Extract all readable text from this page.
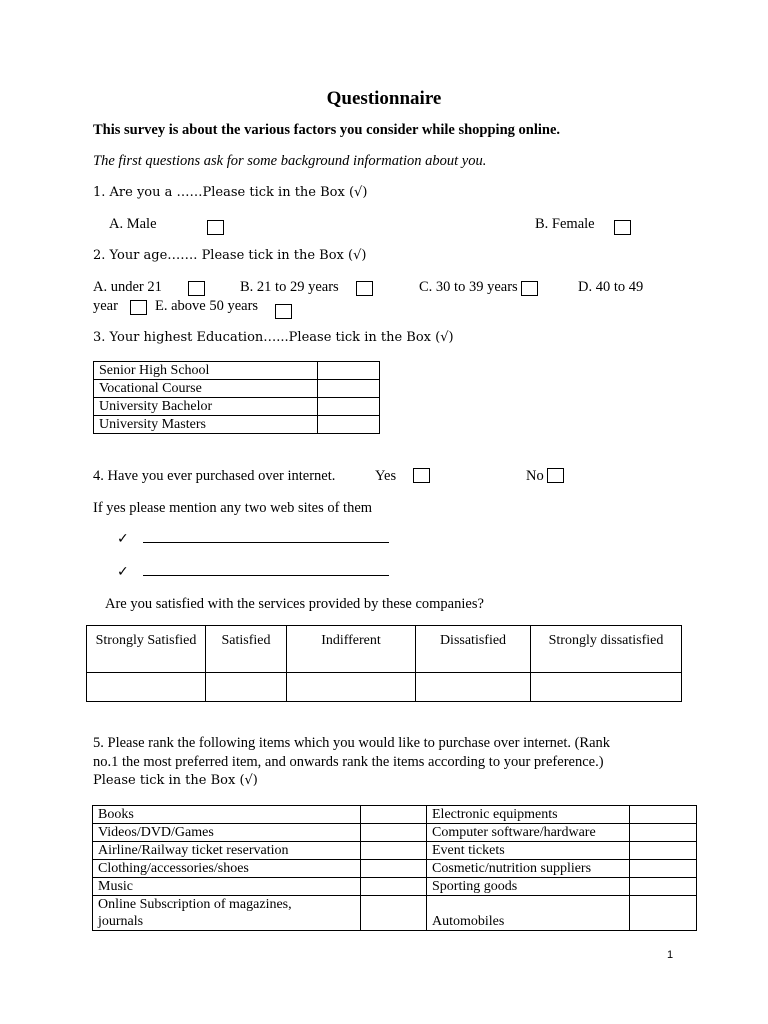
Questionnaire
This survey is about the various factors you consider while shopping online.
The first questions ask for some background information about you.
1. Are you a ……Please tick in the Box (√)
A. Male	B. Female
2. Your age……. Please tick in the Box (√)
A. under 21	B. 21 to 29 years	C. 30 to 39 years	D. 40 to 49
year	E. above 50 years
3. Your highest Education…...Please tick in the Box (√)
Senior High School	
Vocational Course	
University Bachelor	
University Masters	
4. Have you ever purchased over internet.	Yes	No
If yes please mention any two web sites of them
✓
✓
Are you satisfied with the services provided by these companies?
Strongly Satisfied	Satisfied	Indifferent	Dissatisfied	Strongly dissatisfied

5. Please rank the following items which you would like to purchase over internet. (Rank
no.1 the most preferred item, and onwards rank the items according to your preference.)
Please tick in the Box (√)
Books		Electronic equipments	
Videos/DVD/Games		Computer software/hardware	
Airline/Railway ticket reservation		Event tickets	
Clothing/accessories/shoes		Cosmetic/nutrition suppliers	
Music		Sporting goods	
Online Subscription of magazines, journals		Automobiles	
1
